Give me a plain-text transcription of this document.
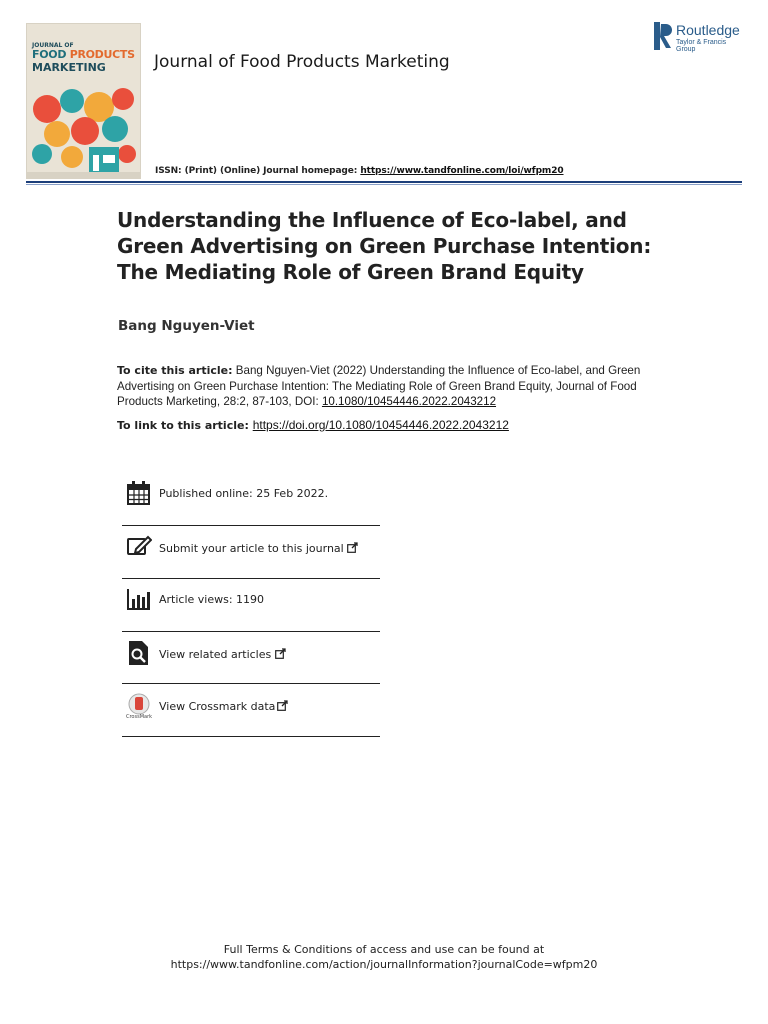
JOURNAL OF
FOOD PRODUCTS
MARKETING	Journal of Food Products Marketing
ISSN: (Print) (Online) Journal homepage: https://www.tandfonline.com/loi/wfpm20
Routledge
Taylor & Francis Group
Understanding the Influence of Eco-label, and Green Advertising on Green Purchase Intention: The Mediating Role of Green Brand Equity
Bang Nguyen-Viet
To cite this article: Bang Nguyen-Viet (2022) Understanding the Influence of Eco-label, and Green Advertising on Green Purchase Intention: The Mediating Role of Green Brand Equity, Journal of Food Products Marketing, 28:2, 87-103, DOI: 10.1080/10454446.2022.2043212
To link to this article: https://doi.org/10.1080/10454446.2022.2043212
Published online: 25 Feb 2022.
Submit your article to this journal
Article views: 1190
View related articles
CrossMark
View Crossmark data
Full Terms & Conditions of access and use can be found at
https://www.tandfonline.com/action/journalInformation?journalCode=wfpm20
